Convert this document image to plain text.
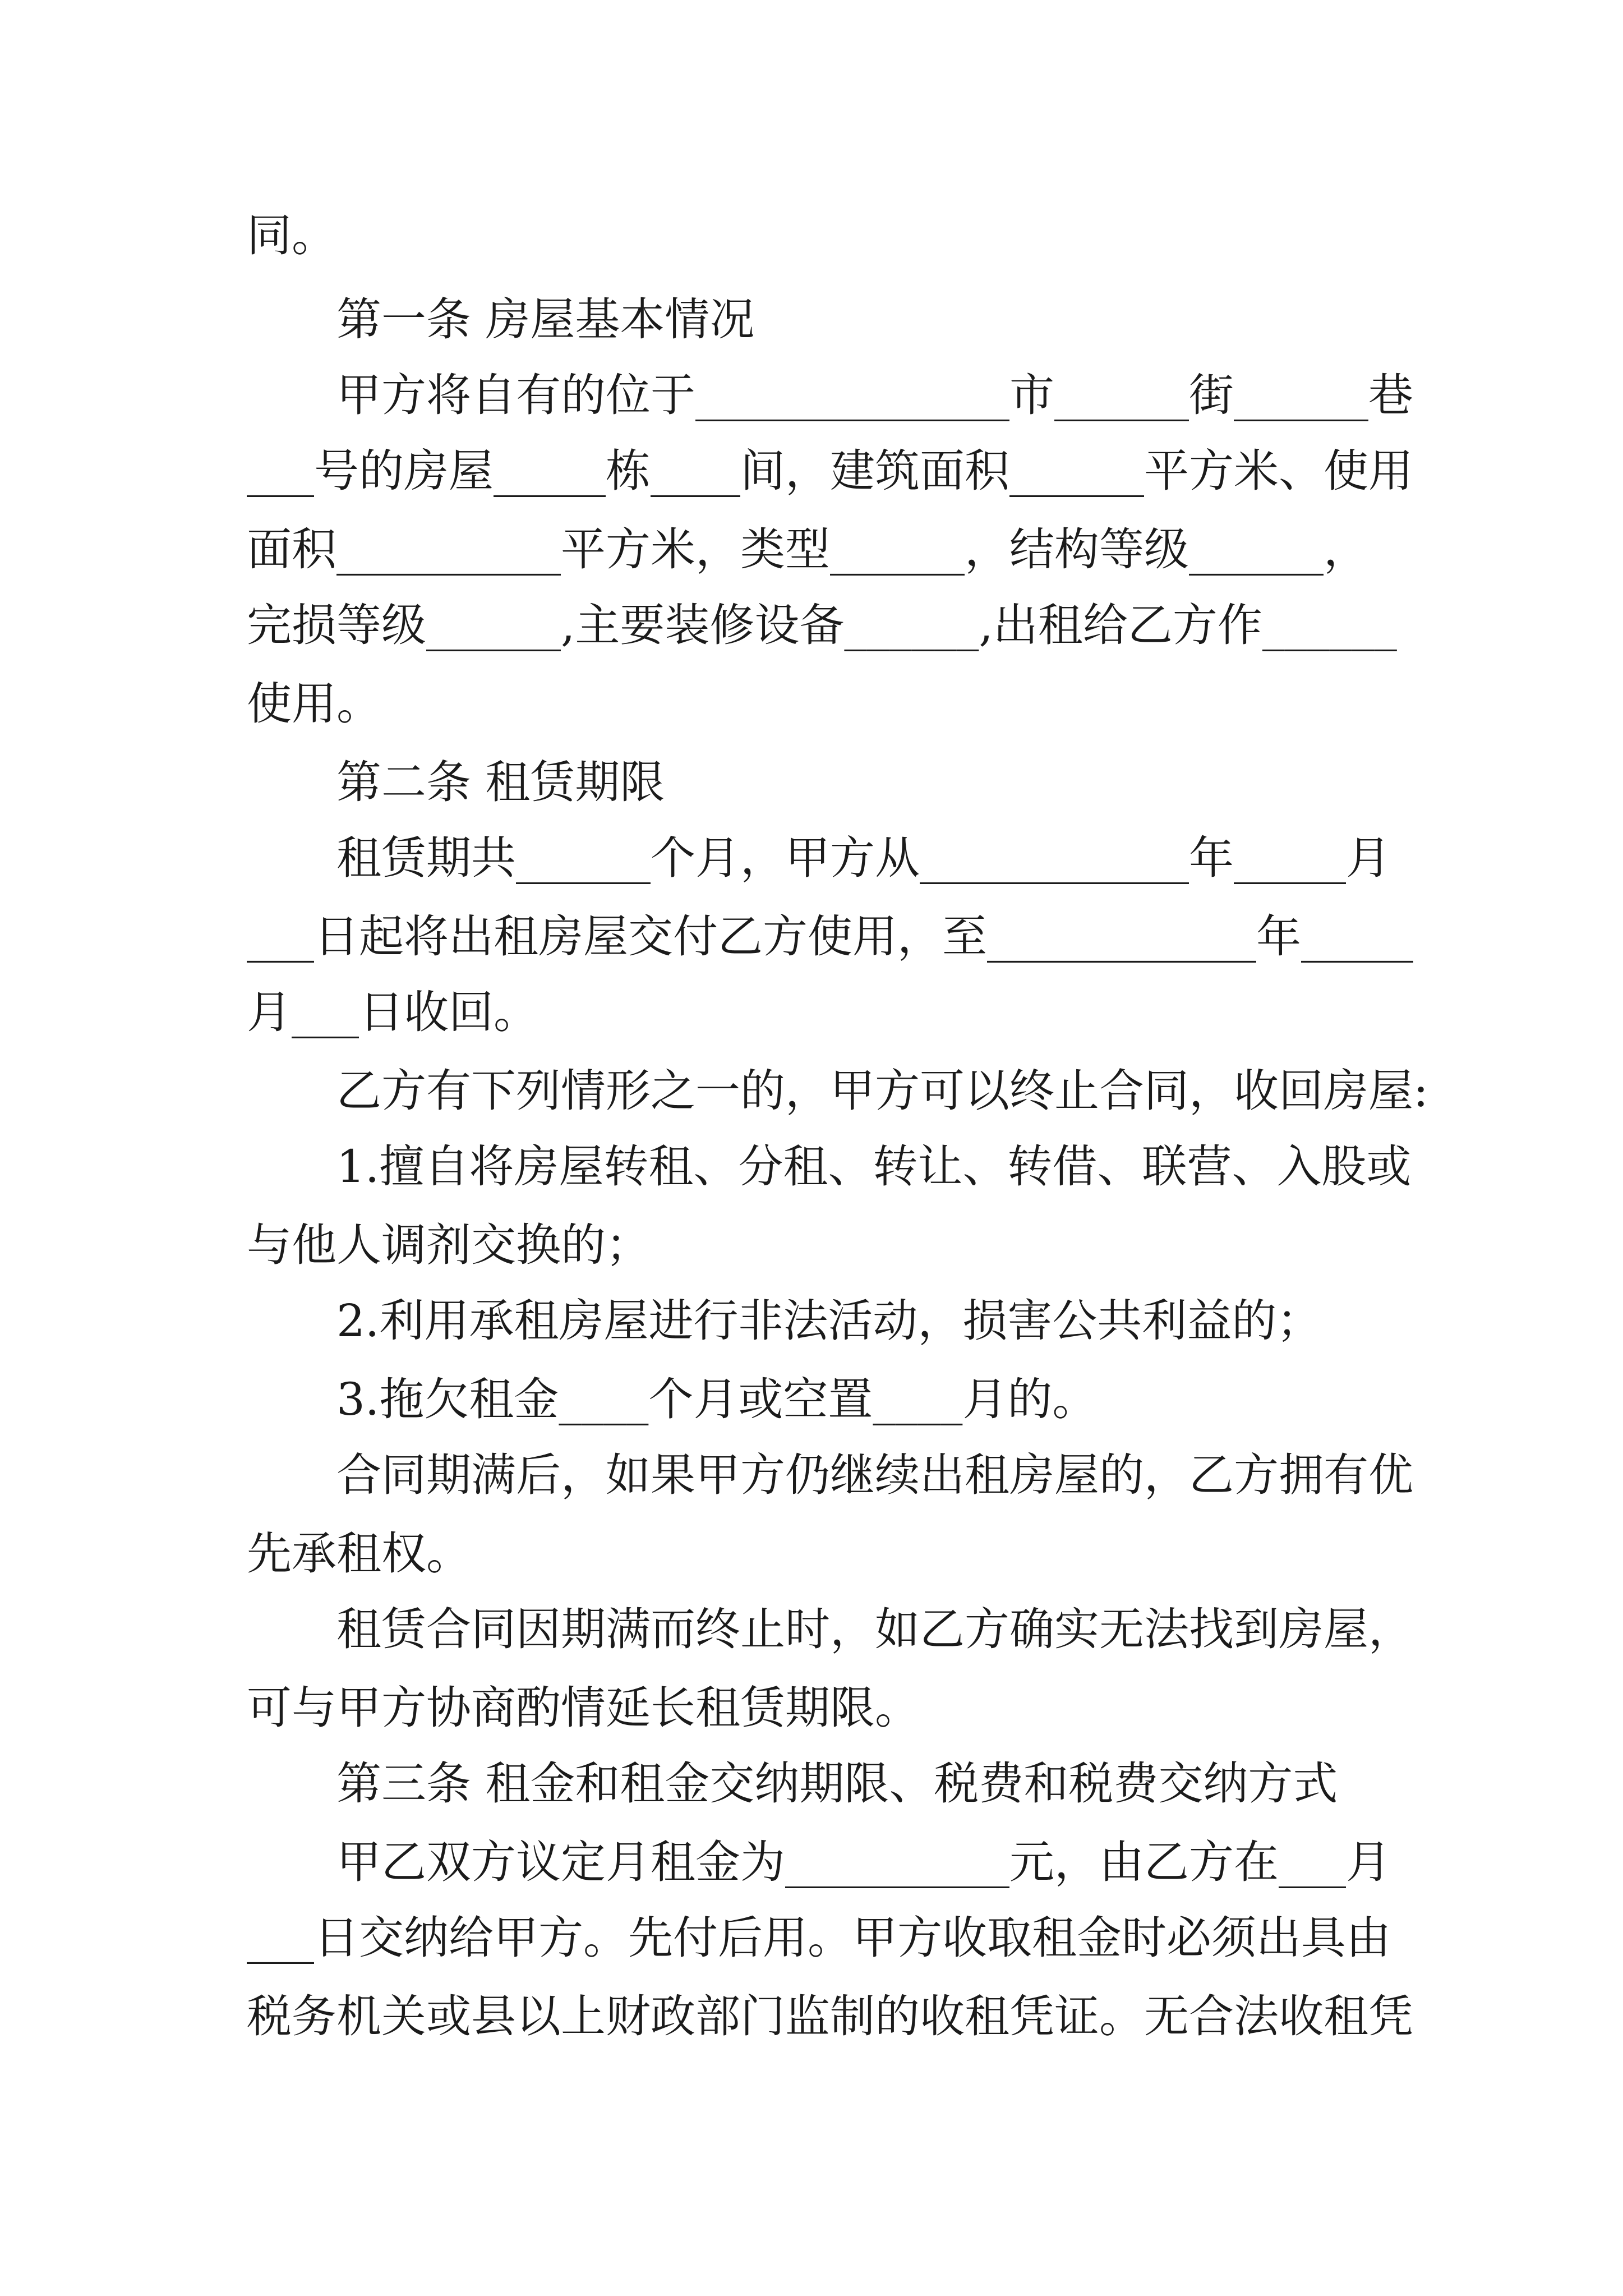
同。
第一条 房屋基本情况
甲方将自有的位于______________市______街______巷
___号的房屋_____栋____间，建筑面积______平方米、使用
面积__________平方米，类型______，结构等级______，
完损等级______,主要装修设备______,出租给乙方作______
使用。
第二条 租赁期限
租赁期共______个月，甲方从____________年_____月
___日起将出租房屋交付乙方使用，至____________年_____
月___日收回。
乙方有下列情形之一的，甲方可以终止合同，收回房屋:
1.擅自将房屋转租、分租、转让、转借、联营、入股或
与他人调剂交换的；
2.利用承租房屋进行非法活动，损害公共利益的；
3.拖欠租金____个月或空置____月的。
合同期满后，如果甲方仍继续出租房屋的，乙方拥有优
先承租权。
租赁合同因期满而终止时，如乙方确实无法找到房屋，
可与甲方协商酌情延长租赁期限。
第三条 租金和租金交纳期限、税费和税费交纳方式
甲乙双方议定月租金为__________元，由乙方在___月
___日交纳给甲方。先付后用。甲方收取租金时必须出具由
税务机关或县以上财政部门监制的收租凭证。无合法收租凭
